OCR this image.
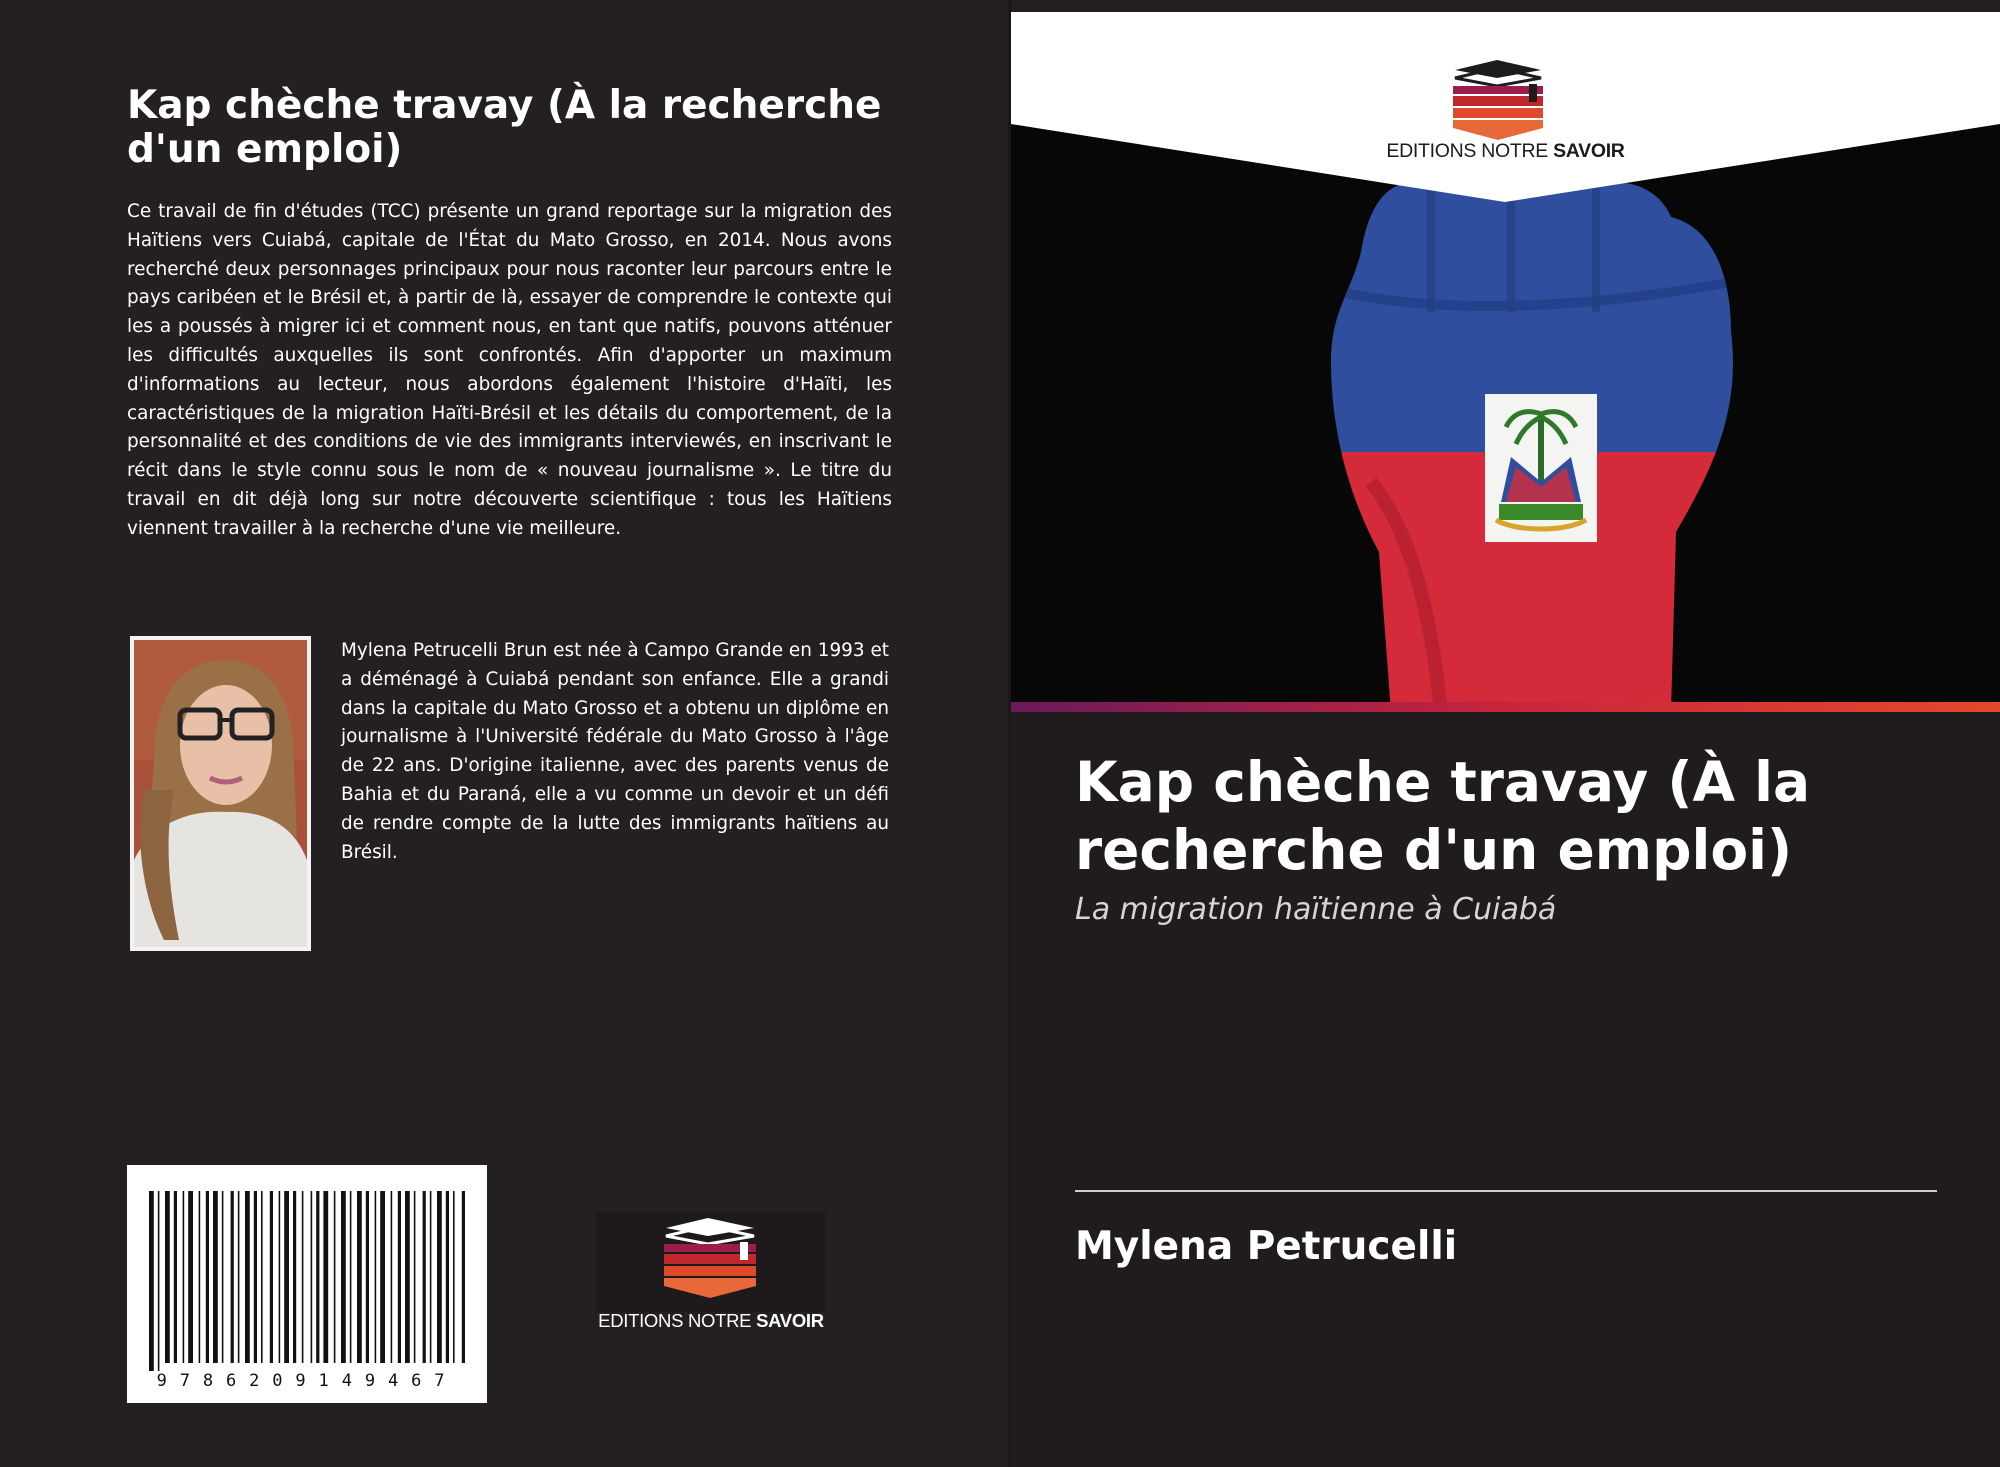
Kap chèche travay (À la recherche d'un emploi)

Ce travail de fin d'études (TCC) présente un grand reportage sur la migration des Haïtiens vers Cuiabá, capitale de l'État du Mato Grosso, en 2014. Nous avons recherché deux personnages principaux pour nous raconter leur parcours entre le pays caribéen et le Brésil et, à partir de là, essayer de comprendre le contexte qui les a poussés à migrer ici et comment nous, en tant que natifs, pouvons atténuer les difficultés auxquelles ils sont confrontés. Afin d'apporter un maximum d'informations au lecteur, nous abordons également l'histoire d'Haïti, les caractéristiques de la migration Haïti-Brésil et les détails du comportement, de la personnalité et des conditions de vie des immigrants interviewés, en inscrivant le récit dans le style connu sous le nom de « nouveau journalisme ». Le titre du travail en dit déjà long sur notre découverte scientifique : tous les Haïtiens viennent travailler à la recherche d'une vie meilleure.

Mylena Petrucelli Brun est née à Campo Grande en 1993 et a déménagé à Cuiabá pendant son enfance. Elle a grandi dans la capitale du Mato Grosso et a obtenu un diplôme en journalisme à l'Université fédérale du Mato Grosso à l'âge de 22 ans. D'origine italienne, avec des parents venus de Bahia et du Paraná, elle a vu comme un devoir et un défi de rendre compte de la lutte des immigrants haïtiens au Brésil.

9786209149467
EDITIONS NOTRE SAVOIR
EDITIONS NOTRE SAVOIR
Kap chèche travay (À la recherche d'un emploi)

La migration haïtienne à Cuiabá

Mylena Petrucelli
